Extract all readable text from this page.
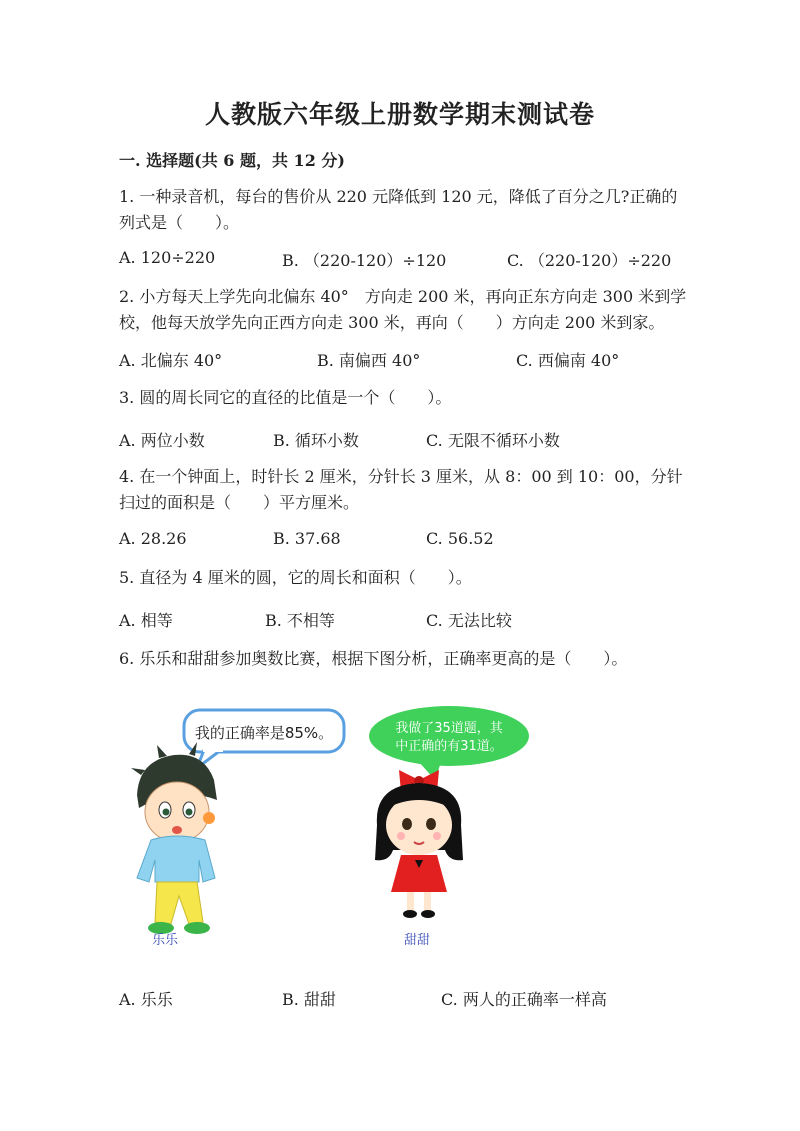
人教版六年级上册数学期末测试卷
一. 选择题(共 6 题，共 12 分)
1. 一种录音机，每台的售价从 220 元降低到 120 元，降低了百分之几?正确的列式是（　　）。
A. 120÷220	B. （220-120）÷120	C. （220-120）÷220
2. 小方每天上学先向北偏东 40°　方向走 200 米，再向正东方向走 300 米到学校，他每天放学先向正西方向走 300 米，再向（　　）方向走 200 米到家。
A. 北偏东 40°	B. 南偏西 40°	C. 西偏南 40°
3. 圆的周长同它的直径的比值是一个（　　）。
A. 两位小数	B. 循环小数	C. 无限不循环小数
4. 在一个钟面上，时针长 2 厘米，分针长 3 厘米，从 8：00 到 10：00，分针扫过的面积是（　　）平方厘米。
A. 28.26	B. 37.68	C. 56.52
5. 直径为 4 厘米的圆，它的周长和面积（　　）。
A. 相等	B. 不相等	C. 无法比较
6. 乐乐和甜甜参加奥数比赛，根据下图分析，正确率更高的是（　　）。
我的正确率是85%。	我做了35道题，其
中正确的有31道。
乐乐	甜甜
A. 乐乐	B. 甜甜	C. 两人的正确率一样高
